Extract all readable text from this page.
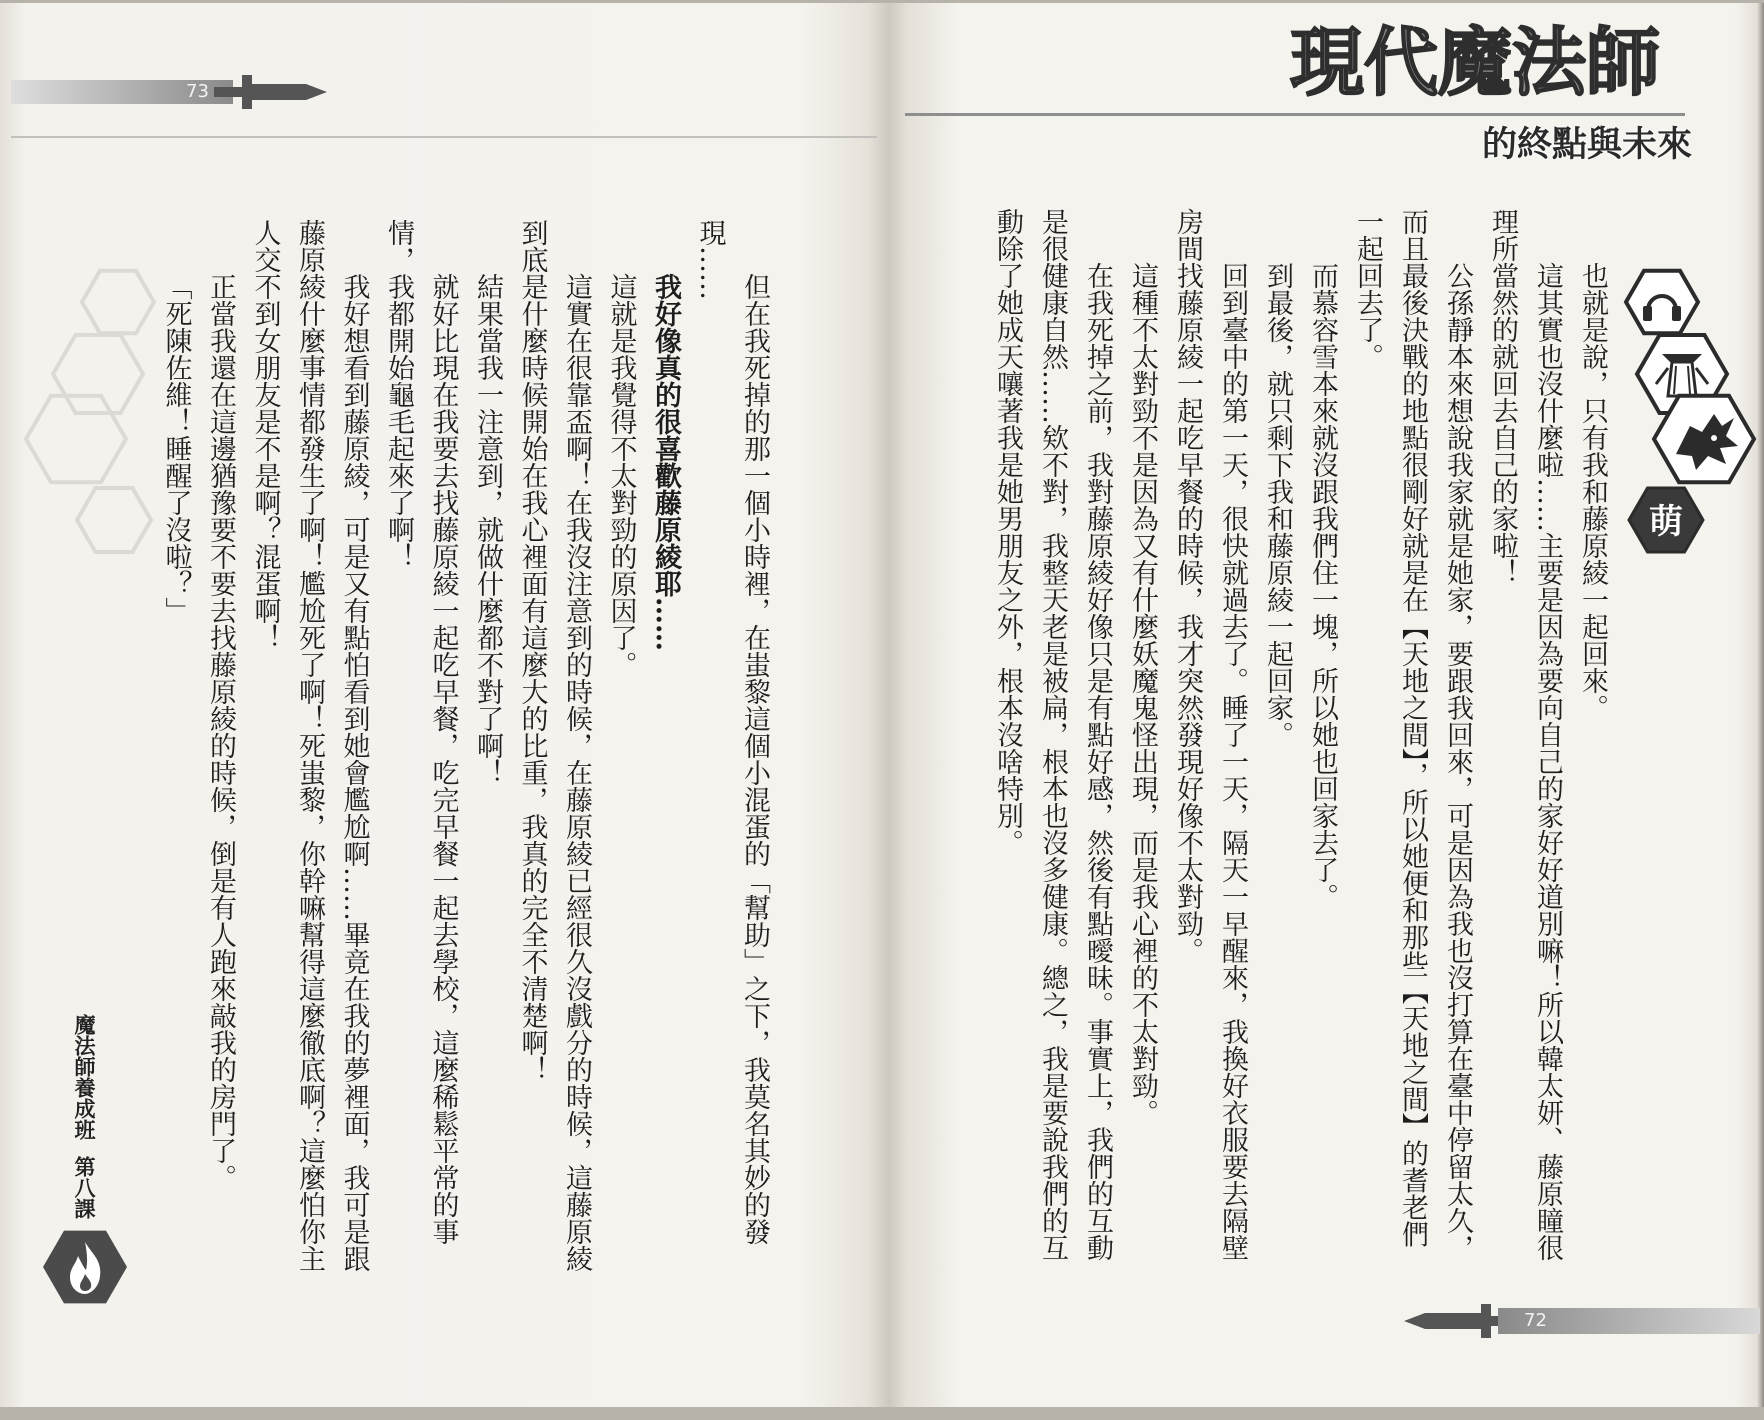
73

但在我死掉的那一個小時裡，在蚩黎這個小混蛋的「幫助」之下，我莫名其妙的發

現……

我好像真的很喜歡藤原綾耶……

這就是我覺得不太對勁的原因了。

這實在很靠盃啊！在我沒注意到的時候，在藤原綾已經很久沒戲分的時候，這藤原綾

到底是什麼時候開始在我心裡面有這麼大的比重，我真的完全不清楚啊！

結果當我一注意到，就做什麼都不對了啊！

就好比現在我要去找藤原綾一起吃早餐，吃完早餐一起去學校，這麼稀鬆平常的事

情，我都開始龜毛起來了啊！

我好想看到藤原綾，可是又有點怕看到她會尷尬啊……畢竟在我的夢裡面，我可是跟

藤原綾什麼事情都發生了啊！尷尬死了啊！死蚩黎，你幹嘛幫得這麼徹底啊？這麼怕你主

人交不到女朋友是不是啊？混蛋啊！

正當我還在這邊猶豫要不要去找藤原綾的時候，倒是有人跑來敲我的房門了。

「死陳佐維！睡醒了沒啦？」

魔法師養成班
第八課
現代魔法師
的終點與未來
萌

也就是說，只有我和藤原綾一起回來。

這其實也沒什麼啦……主要是因為要向自己的家好好道別嘛！所以韓太妍、藤原瞳很

理所當然的就回去自己的家啦！

公孫靜本來想說我家就是她家，要跟我回來，可是因為我也沒打算在臺中停留太久，

而且最後決戰的地點很剛好就是在【天地之間】，所以她便和那些【天地之間】的耆老們

一起回去了。

而慕容雪本來就沒跟我們住一塊，所以她也回家去了。

到最後，就只剩下我和藤原綾一起回家。

回到臺中的第一天，很快就過去了。睡了一天，隔天一早醒來，我換好衣服要去隔壁

房間找藤原綾一起吃早餐的時候，我才突然發現好像不太對勁。

這種不太對勁不是因為又有什麼妖魔鬼怪出現，而是我心裡的不太對勁。

在我死掉之前，我對藤原綾好像只是有點好感，然後有點曖昧。事實上，我們的互動

是很健康自然……欸不對，我整天老是被扁，根本也沒多健康。總之，我是要說我們的互

動除了她成天嚷著我是她男朋友之外，根本沒啥特別。

72
